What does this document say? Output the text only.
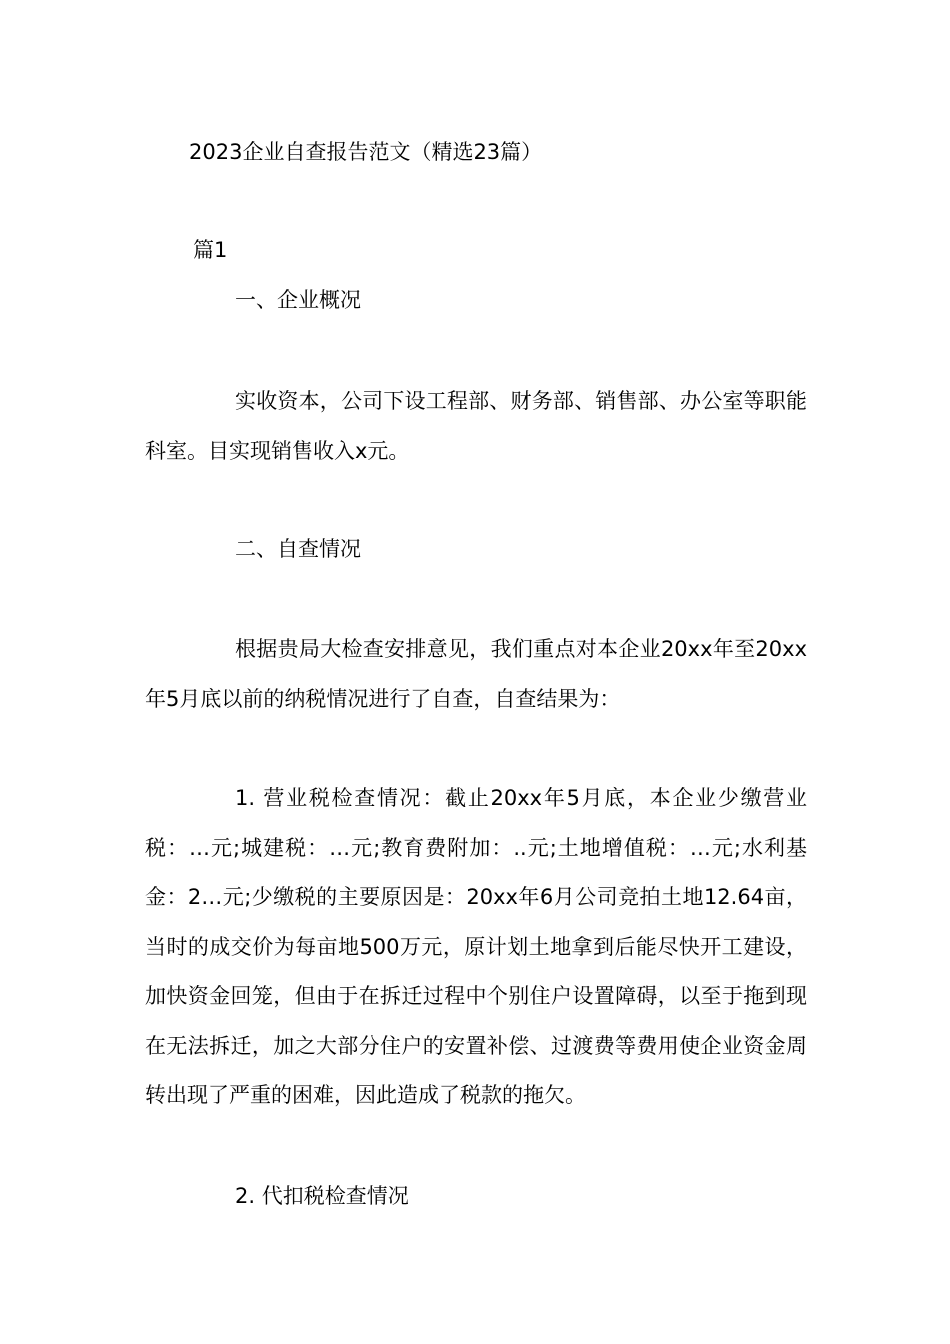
2023企业自查报告范文（精选23篇）
篇1
一、企业概况

实收资本，公司下设工程部、财务部、销售部、办公室等职能科室。目实现销售收入x元。

二、自查情况

根据贵局大检查安排意见，我们重点对本企业20xx年至20xx年5月底以前的纳税情况进行了自查，自查结果为：

1. 营业税检查情况：截止20xx年5月底，本企业少缴营业税：…元;城建税：…元;教育费附加：..元;土地增值税：…元;水利基金：2…元;少缴税的主要原因是：20xx年6月公司竞拍土地12.64亩，当时的成交价为每亩地500万元，原计划土地拿到后能尽快开工建设，加快资金回笼，但由于在拆迁过程中个别住户设置障碍，以至于拖到现在无法拆迁，加之大部分住户的安置补偿、过渡费等费用使企业资金周转出现了严重的困难，因此造成了税款的拖欠。

2. 代扣税检查情况
